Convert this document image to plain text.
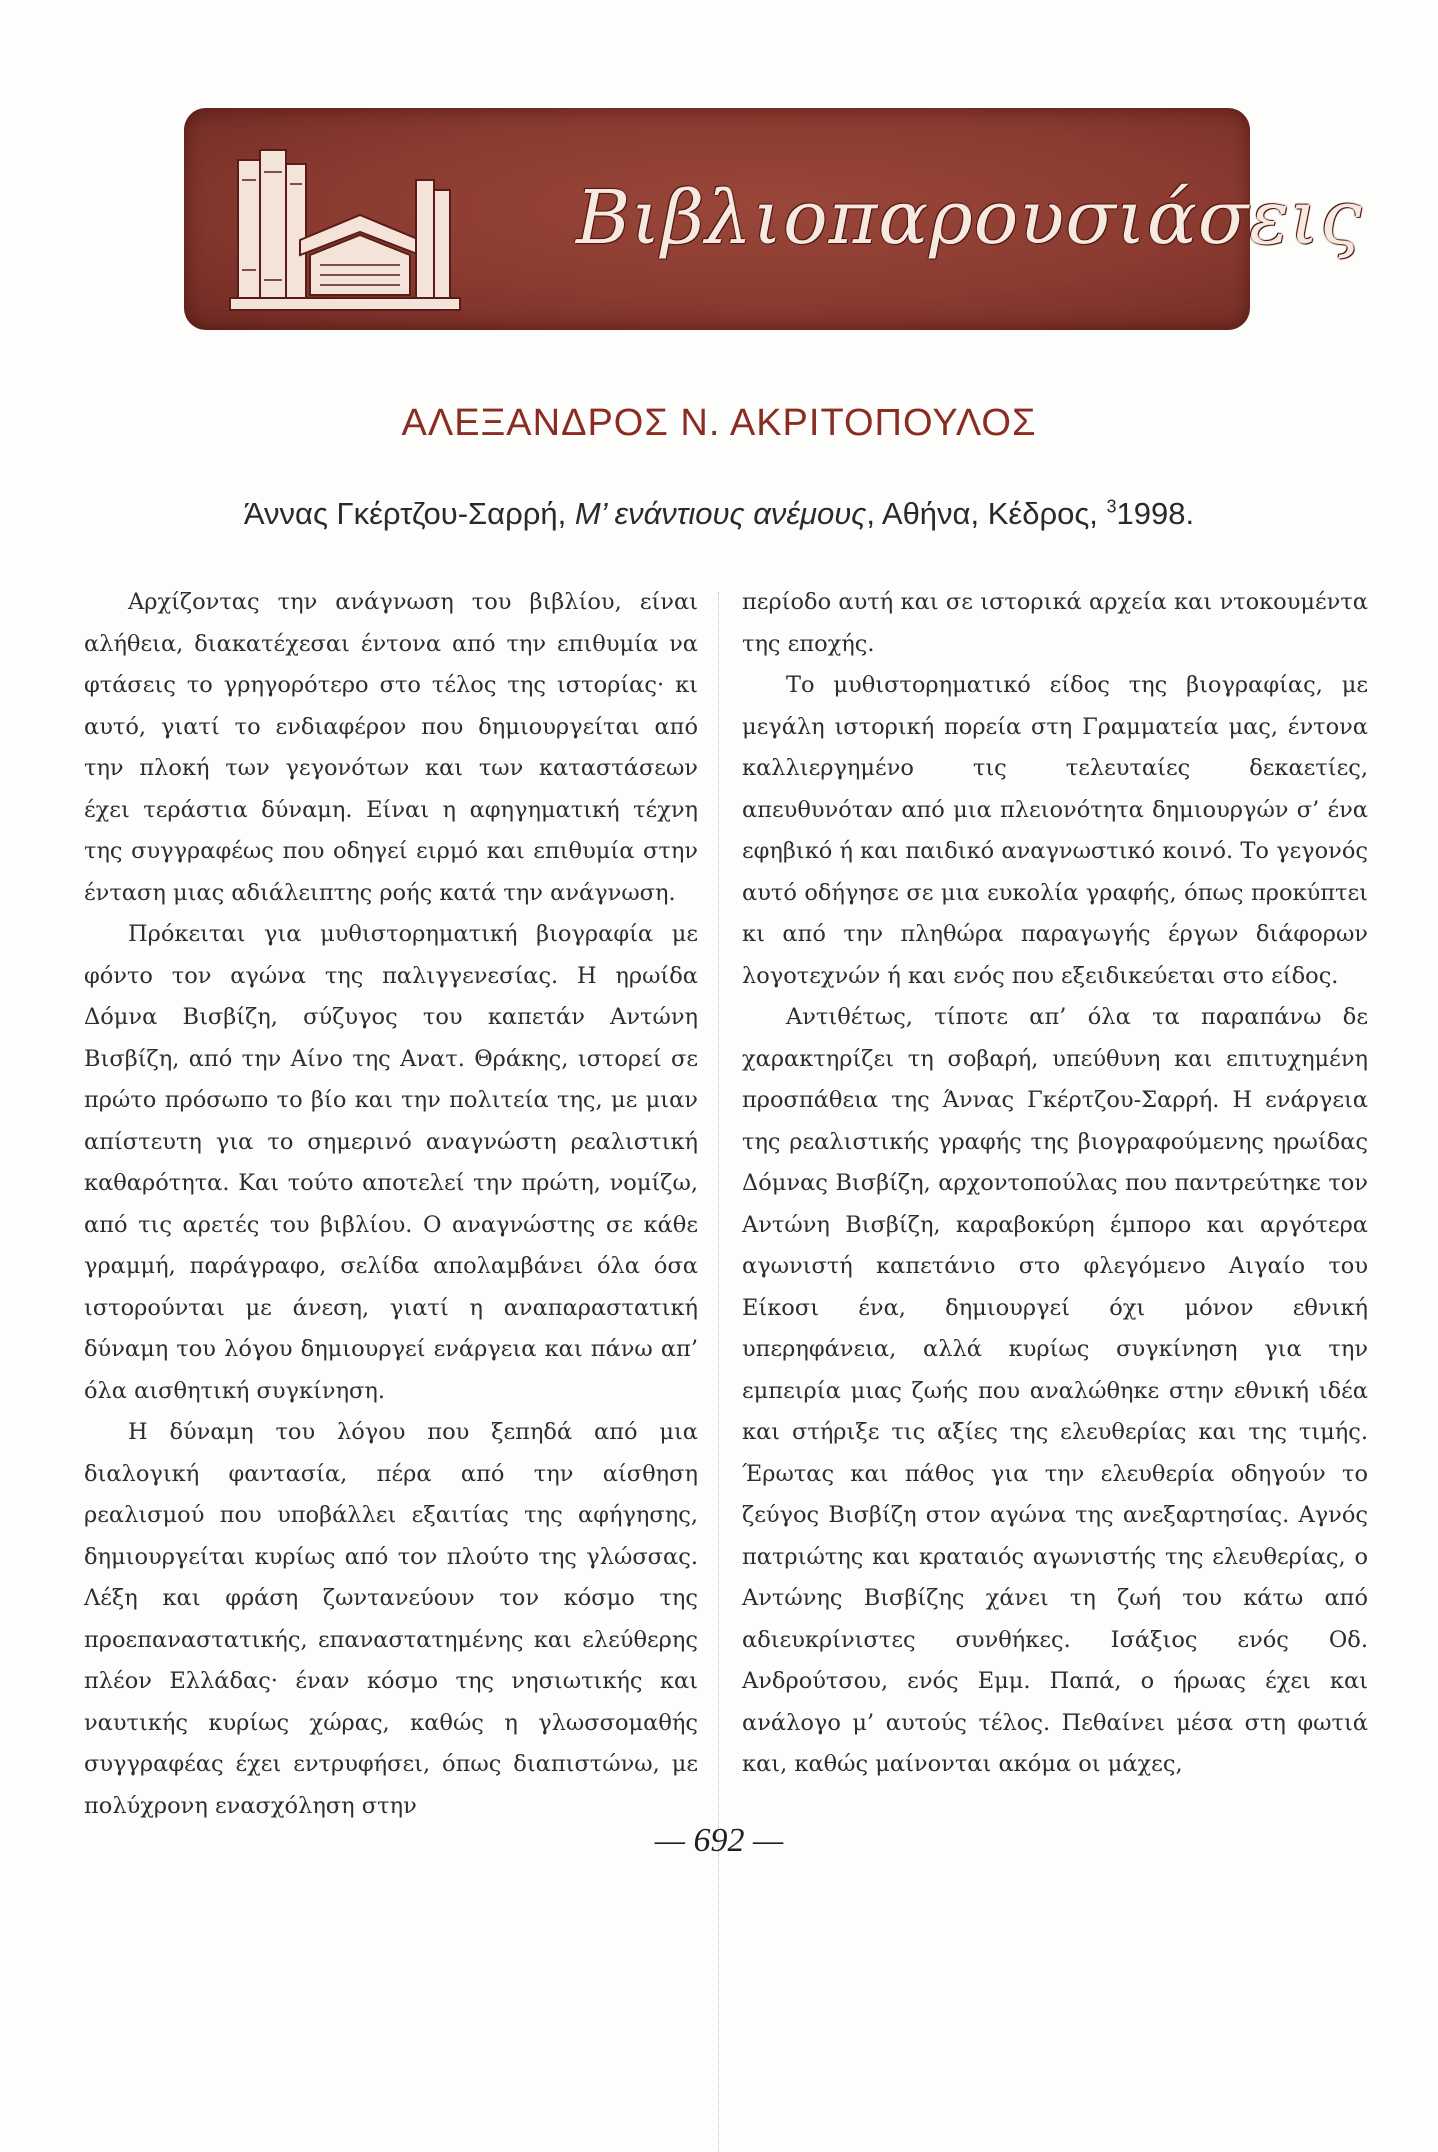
Βιβλιοπαρουσιάσεις
ΑΛΕΞΑΝΔΡΟΣ Ν. ΑΚΡΙΤΟΠΟΥΛΟΣ
Άννας Γκέρτζου-Σαρρή, Μ’ ενάντιους ανέμους, Αθήνα, Κέδρος, $^3$1998.

Αρχίζοντας την ανάγνωση του βιβλίου, είναι αλήθεια, διακατέχεσαι έντονα από την επιθυμία να φτάσεις το γρηγορότερο στο τέλος της ιστορίας· κι αυτό, γιατί το ενδιαφέρον που δημιουργείται από την πλοκή των γεγονότων και των καταστάσεων έχει τεράστια δύναμη. Είναι η αφηγηματική τέχνη της συγγραφέως που οδηγεί ειρμό και επιθυμία στην ένταση μιας αδιάλειπτης ροής κατά την ανάγνωση.

Πρόκειται για μυθιστορηματική βιογραφία με φόντο τον αγώνα της παλιγγενεσίας. Η ηρωίδα Δόμνα Βισβίζη, σύζυγος του καπετάν Αντώνη Βισβίζη, από την Αίνο της Ανατ. Θράκης, ιστορεί σε πρώτο πρόσωπο το βίο και την πολιτεία της, με μιαν απίστευτη για το σημερινό αναγνώστη ρεαλιστική καθαρότητα. Και τούτο αποτελεί την πρώτη, νομίζω, από τις αρετές του βιβλίου. Ο αναγνώστης σε κάθε γραμμή, παράγραφο, σελίδα απολαμβάνει όλα όσα ιστορούνται με άνεση, γιατί η αναπαραστατική δύναμη του λόγου δημιουργεί ενάργεια και πάνω απ’ όλα αισθητική συγκίνηση.

Η δύναμη του λόγου που ξεπηδά από μια διαλογική φαντασία, πέρα από την αίσθηση ρεαλισμού που υποβάλλει εξαιτίας της αφήγησης, δημιουργείται κυρίως από τον πλούτο της γλώσσας. Λέξη και φράση ζωντανεύουν τον κόσμο της προεπαναστατικής, επαναστατημένης και ελεύθερης πλέον Ελλάδας· έναν κόσμο της νησιωτικής και ναυτικής κυρίως χώρας, καθώς η γλωσσομαθής συγγραφέας έχει εντρυφήσει, όπως διαπιστώνω, με πολύχρονη ενασχόληση στην

περίοδο αυτή και σε ιστορικά αρχεία και ντοκουμέντα της εποχής.

Το μυθιστορηματικό είδος της βιογραφίας, με μεγάλη ιστορική πορεία στη Γραμματεία μας, έντονα καλλιεργημένο τις τελευταίες δεκαετίες, απευθυνόταν από μια πλειονότητα δημιουργών σ’ ένα εφηβικό ή και παιδικό αναγνωστικό κοινό. Το γεγονός αυτό οδήγησε σε μια ευκολία γραφής, όπως προκύπτει κι από την πληθώρα παραγωγής έργων διάφορων λογοτεχνών ή και ενός που εξειδικεύεται στο είδος.

Αντιθέτως, τίποτε απ’ όλα τα παραπάνω δε χαρακτηρίζει τη σοβαρή, υπεύθυνη και επιτυχημένη προσπάθεια της Άννας Γκέρτζου-Σαρρή. Η ενάργεια της ρεαλιστικής γραφής της βιογραφούμενης ηρωίδας Δόμνας Βισβίζη, αρχοντοπούλας που παντρεύτηκε τον Αντώνη Βισβίζη, καραβοκύρη έμπορο και αργότερα αγωνιστή καπετάνιο στο φλεγόμενο Αιγαίο του Είκοσι ένα, δημιουργεί όχι μόνον εθνική υπερηφάνεια, αλλά κυρίως συγκίνηση για την εμπειρία μιας ζωής που αναλώθηκε στην εθνική ιδέα και στήριξε τις αξίες της ελευθερίας και της τιμής. Έρωτας και πάθος για την ελευθερία οδηγούν το ζεύγος Βισβίζη στον αγώνα της ανεξαρτησίας. Αγνός πατριώτης και κραταιός αγωνιστής της ελευθερίας, ο Αντώνης Βισβίζης χάνει τη ζωή του κάτω από αδιευκρίνιστες συνθήκες. Ισάξιος ενός Οδ. Ανδρούτσου, ενός Εμμ. Παπά, ο ήρωας έχει και ανάλογο μ’ αυτούς τέλος. Πεθαίνει μέσα στη φωτιά και, καθώς μαίνονται ακόμα οι μάχες,

— 692 —
